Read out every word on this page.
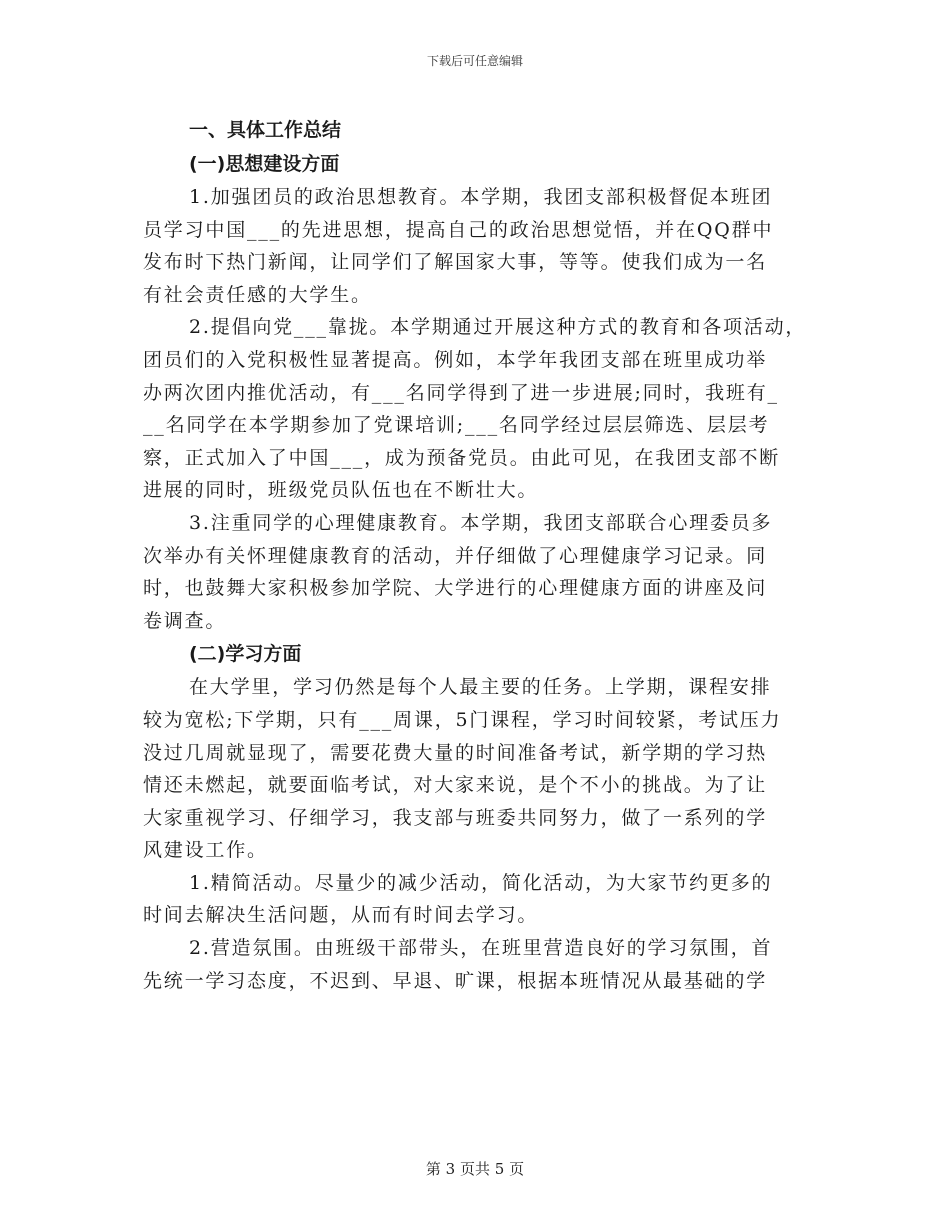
下载后可任意编辑
一、具体工作总结
(一)思想建设方面

1.加强团员的政治思想教育。本学期，我团支部积极督促本班团
员学习中国___的先进思想，提高自己的政治思想觉悟，并在QQ群中
发布时下热门新闻，让同学们了解国家大事，等等。使我们成为一名
有社会责任感的大学生。

2.提倡向党___靠拢。本学期通过开展这种方式的教育和各项活动，
团员们的入党积极性显著提高。例如，本学年我团支部在班里成功举
办两次团内推优活动，有___名同学得到了进一步进展;同时，我班有_
__名同学在本学期参加了党课培训;___名同学经过层层筛选、层层考
察，正式加入了中国___，成为预备党员。由此可见，在我团支部不断
进展的同时，班级党员队伍也在不断壮大。

3.注重同学的心理健康教育。本学期，我团支部联合心理委员多
次举办有关怀理健康教育的活动，并仔细做了心理健康学习记录。同
时，也鼓舞大家积极参加学院、大学进行的心理健康方面的讲座及问
卷调查。

(二)学习方面

在大学里，学习仍然是每个人最主要的任务。上学期，课程安排
较为宽松;下学期，只有___周课，5门课程，学习时间较紧，考试压力
没过几周就显现了，需要花费大量的时间准备考试，新学期的学习热
情还未燃起，就要面临考试，对大家来说，是个不小的挑战。为了让
大家重视学习、仔细学习，我支部与班委共同努力，做了一系列的学
风建设工作。

1.精简活动。尽量少的减少活动，简化活动，为大家节约更多的
时间去解决生活问题，从而有时间去学习。

2.营造氛围。由班级干部带头，在班里营造良好的学习氛围，首
先统一学习态度，不迟到、早退、旷课，根据本班情况从最基础的学

第 3 页共 5 页
